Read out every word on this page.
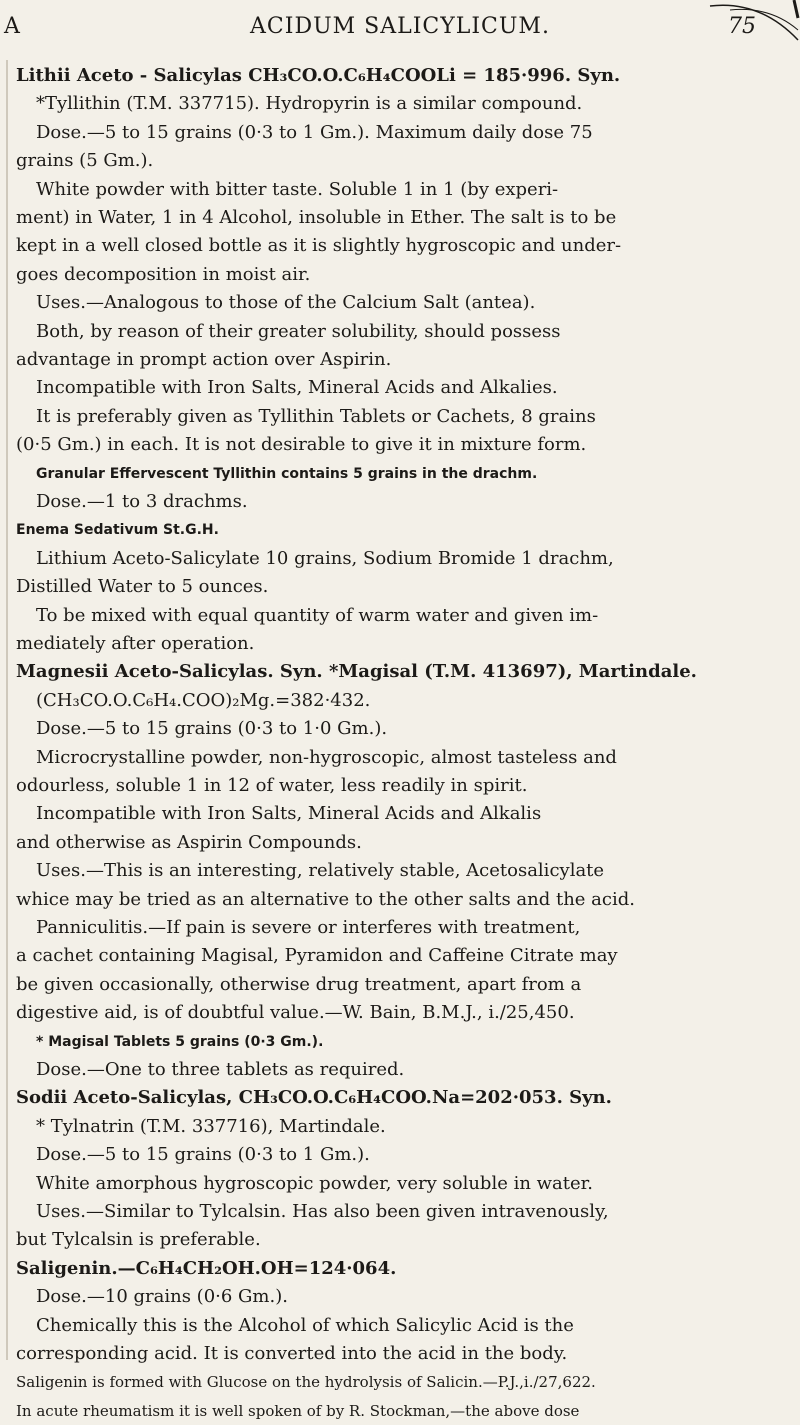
A	ACIDUM SALICYLICUM.	75
Lithii Aceto - Salicylas CH₃CO.O.C₆H₄COOLi = 185·996. Syn.
*Tyllithin (T.M. 337715). Hydropyrin is a similar compound.
Dose.—5 to 15 grains (0·3 to 1 Gm.). Maximum daily dose 75
grains (5 Gm.).
White powder with bitter taste. Soluble 1 in 1 (by experi-
ment) in Water, 1 in 4 Alcohol, insoluble in Ether. The salt is to be
kept in a well closed bottle as it is slightly hygroscopic and under-
goes decomposition in moist air.
Uses.—Analogous to those of the Calcium Salt (antea).
Both, by reason of their greater solubility, should possess
advantage in prompt action over Aspirin.
Incompatible with Iron Salts, Mineral Acids and Alkalies.
It is preferably given as Tyllithin Tablets or Cachets, 8 grains
(0·5 Gm.) in each. It is not desirable to give it in mixture form.
Granular Effervescent Tyllithin contains 5 grains in the drachm.
Dose.—1 to 3 drachms.
Enema Sedativum St.G.H.
Lithium Aceto-Salicylate 10 grains, Sodium Bromide 1 drachm,
Distilled Water to 5 ounces.
To be mixed with equal quantity of warm water and given im-
mediately after operation.
Magnesii Aceto-Salicylas. Syn. *Magisal (T.M. 413697), Martindale.
(CH₃CO.O.C₆H₄.COO)₂Mg.=382·432.
Dose.—5 to 15 grains (0·3 to 1·0 Gm.).
Microcrystalline powder, non-hygroscopic, almost tasteless and
odourless, soluble 1 in 12 of water, less readily in spirit.
Incompatible with Iron Salts, Mineral Acids and Alkalis
and otherwise as Aspirin Compounds.
Uses.—This is an interesting, relatively stable, Acetosalicylate
whice may be tried as an alternative to the other salts and the acid.
Panniculitis.—If pain is severe or interferes with treatment,
a cachet containing Magisal, Pyramidon and Caffeine Citrate may
be given occasionally, otherwise drug treatment, apart from a
digestive aid, is of doubtful value.—W. Bain, B.M.J., i./25,450.
* Magisal Tablets 5 grains (0·3 Gm.).
Dose.—One to three tablets as required.
Sodii Aceto-Salicylas, CH₃CO.O.C₆H₄COO.Na=202·053. Syn.
* Tylnatrin (T.M. 337716), Martindale.
Dose.—5 to 15 grains (0·3 to 1 Gm.).
White amorphous hygroscopic powder, very soluble in water.
Uses.—Similar to Tylcalsin. Has also been given intravenously,
but Tylcalsin is preferable.
Saligenin.—C₆H₄CH₂OH.OH=124·064.
Dose.—10 grains (0·6 Gm.).
Chemically this is the Alcohol of which Salicylic Acid is the
corresponding acid. It is converted into the acid in the body.
Saligenin is formed with Glucose on the hydrolysis of Salicin.—P.J.,i./27,622.
In acute rheumatism it is well spoken of by R. Stockman,—the above dose
